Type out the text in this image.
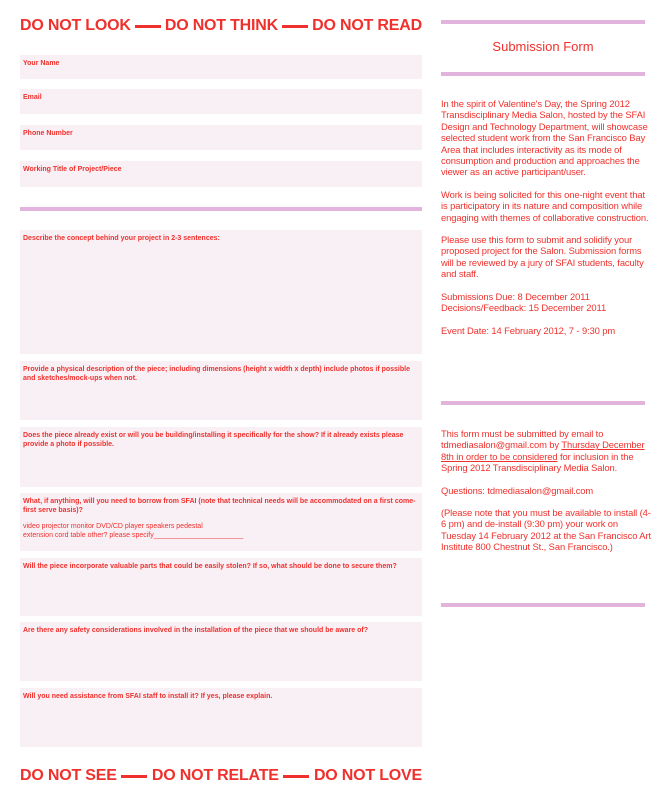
DO NOT LOOK DO NOT THINK DO NOT READ
Your Name
Email
Phone Number
Working Title of Project/Piece
Describe the concept behind your project in 2-3 sentences:
Provide a physical description of the piece; including dimensions (height x width x depth) include photos if possible and sketches/mock-ups when not.
Does the piece already exist or will you be building/installing it specifically for the show? If it already exists please provide a photo if possible.
What, if anything, will you need to borrow from SFAI (note that technical needs will be accommodated on a first come-first serve basis)?
video projector monitor DVD/CD player speakers pedestal
extension cord table other? please specify_______________________
Will the piece incorporate valuable parts that could be easily stolen? If so, what should be done to secure them?
Are there any safety considerations involved in the installation of the piece that we should be aware of?
Will you need assistance from SFAI staff to install it? If yes, please explain.
DO NOT SEE DO NOT RELATE DO NOT LOVE
Submission Form

In the spirit of Valentine's Day, the Spring 2012 Transdisciplinary Media Salon, hosted by the SFAI Design and Technology Department, will showcase selected student work from the San Francisco Bay Area that includes interactivity as its mode of consumption and production and approaches the viewer as an active participant/user.

Work is being solicited for this one-night event that is participatory in its nature and composition while engaging with themes of collaborative construction.

Please use this form to submit and solidify your proposed project for the Salon. Submission forms will be reviewed by a jury of SFAI students, faculty and staff.

Submissions Due: 8 December 2011
Decisions/Feedback: 15 December 2011

Event Date: 14 February 2012, 7 - 9:30 pm

This form must be submitted by email to tdmediasalon@gmail.com by Thursday December 8th in order to be considered for inclusion in the Spring 2012 Transdisciplinary Media Salon.

Questions: tdmediasalon@gmail.com

(Please note that you must be available to install (4-6 pm) and de-install (9:30 pm) your work on Tuesday 14 February 2012 at the San Francisco Art Institute 800 Chestnut St., San Francisco.)
